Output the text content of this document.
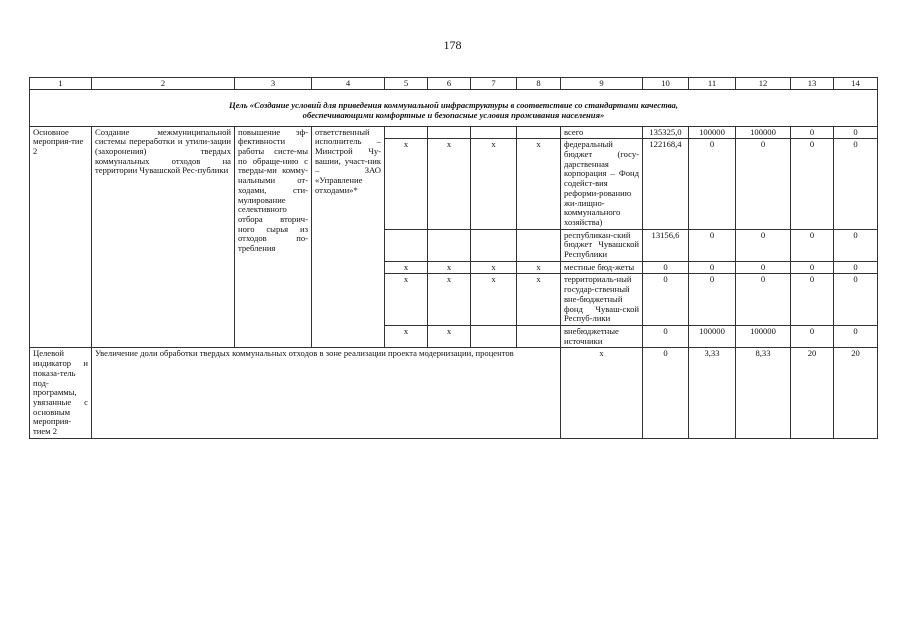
178
1	2	3	4	5	6	7	8	9	10	11	12	13	14
Цель «Создание условий для приведения коммунальной инфраструктуры в соответствие со стандартами качества,
обеспечивающими комфортные и безопасные условия проживания населения»													
Основное мероприя-тие 2	Создание межмуниципальной системы переработки и утили-зации (захоронения) твердых коммунальных отходов на территории Чувашской Рес-публики	повышение эф-фективности работы систе-мы по обраще-нию с тверды-ми комму-нальными от-ходами, сти-мулирование селективного отбора вторич-ного сырья из отходов по-требления	ответственный исполнитель – Минстрой Чу-вашии, участ-ник – ЗАО «Управление отходами»*					всего	135325,0	100000	100000	0	0
				x	x	x	x	федеральный бюджет (госу-дарственная корпорация – Фонд содейст-вия реформи-рованию жи-лищно-коммунального хозяйства)	122168,4	0	0	0	0
								республикан-ский бюджет Чувашской Республики	13156,6	0	0	0	0
				x	x	x	x	местные бюд-жеты	0	0	0	0	0
				x	x	x	x	территориаль-ный государ-ственный вне-бюджетный фонд Чуваш-ской Респуб-лики	0	0	0	0	0
				x	x			внебюджетные источники	0	100000	100000	0	0
Целевой индикатор и показа-тель под-программы, увязанные с основным мероприя-тием 2	Увеличение доли обработки твердых коммунальных отходов в зоне реализации проекта модернизации, процентов							x	0	3,33	8,33	20	20
